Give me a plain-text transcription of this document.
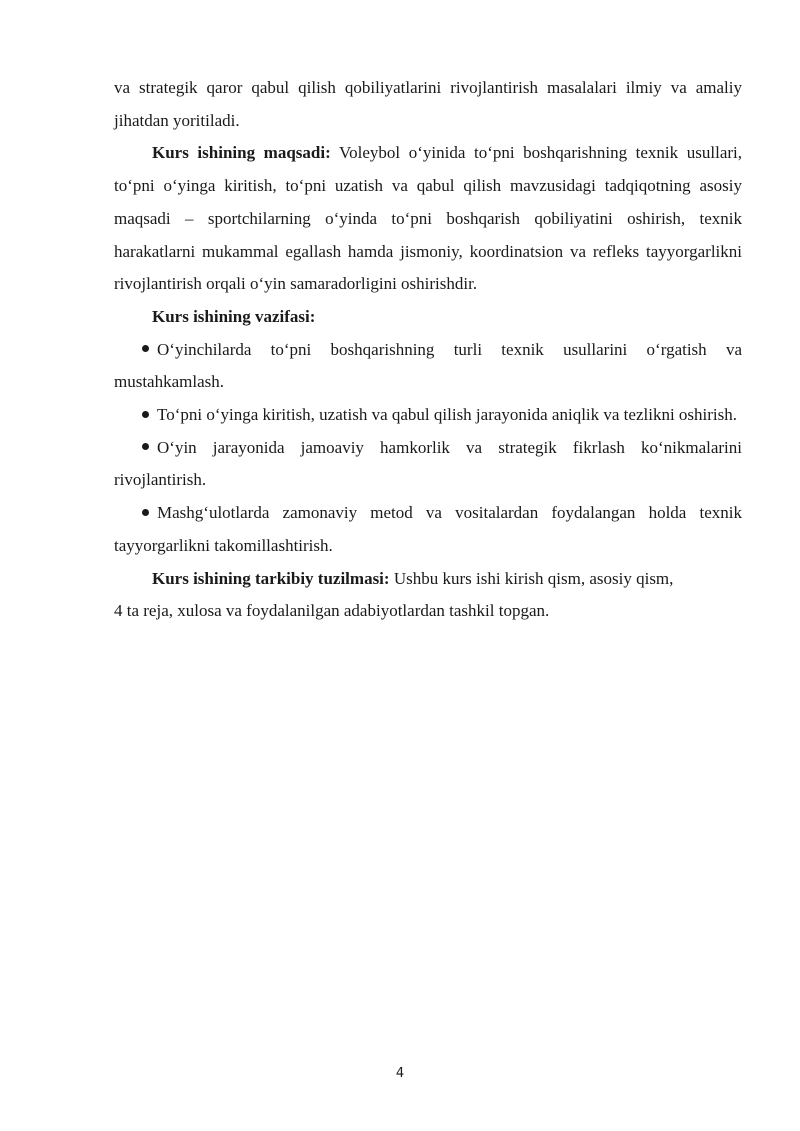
va strategik qaror qabul qilish qobiliyatlarini rivojlantirish masalalari ilmiy va amaliy jihatdan yoritiladi.

Kurs ishining maqsadi: Voleybol o‘yinida to‘pni boshqarishning texnik usullari, to‘pni o‘yinga kiritish, to‘pni uzatish va qabul qilish mavzusidagi tadqiqotning asosiy maqsadi – sportchilarning o‘yinda to‘pni boshqarish qobiliyatini oshirish, texnik harakatlarni mukammal egallash hamda jismoniy, koordinatsion va refleks tayyorgarlikni rivojlantirish orqali o‘yin samaradorligini oshirishdir.

Kurs ishining vazifasi:

O‘yinchilarda to‘pni boshqarishning turli texnik usullarini o‘rgatish va mustahkamlash.

To‘pni o‘yinga kiritish, uzatish va qabul qilish jarayonida aniqlik va tezlikni oshirish.

O‘yin jarayonida jamoaviy hamkorlik va strategik fikrlash ko‘nikmalarini rivojlantirish.

Mashg‘ulotlarda zamonaviy metod va vositalardan foydalangan holda texnik tayyorgarlikni takomillashtirish.

Kurs ishining tarkibiy tuzilmasi: Ushbu kurs ishi kirish qism, asosiy qism,

4 ta reja, xulosa va foydalanilgan adabiyotlardan tashkil topgan.

4
